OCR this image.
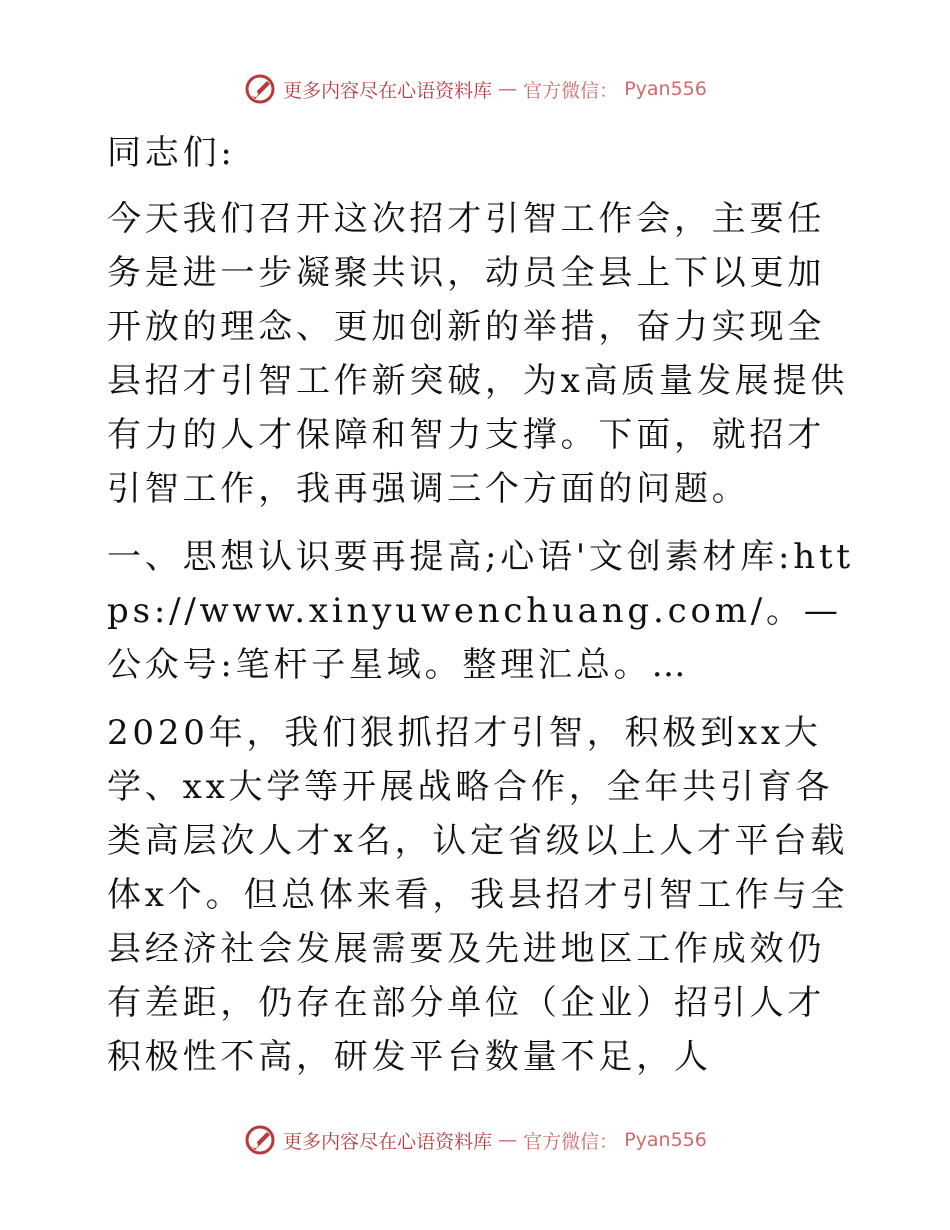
更多内容尽在心语资料库 — 官方微信： Pyan556

同志们:

今天我们召开这次招才引智工作会，主要任务是进一步凝聚共识，动员全县上下以更加开放的理念、更加创新的举措，奋力实现全县招才引智工作新突破，为x高质量发展提供有力的人才保障和智力支撑。下面，就招才引智工作，我再强调三个方面的问题。

一、思想认识要再提高;心语'文创素材库:https://www.xinyuwenchuang.com/。—公众号:笔杆子星域。整理汇总。…

2020年，我们狠抓招才引智，积极到xx大学、xx大学等开展战略合作，全年共引育各类高层次人才x名，认定省级以上人才平台载体x个。但总体来看，我县招才引智工作与全县经济社会发展需要及先进地区工作成效仍有差距，仍存在部分单位（企业）招引人才积极性不高，研发平台数量不足，人

更多内容尽在心语资料库 — 官方微信： Pyan556
